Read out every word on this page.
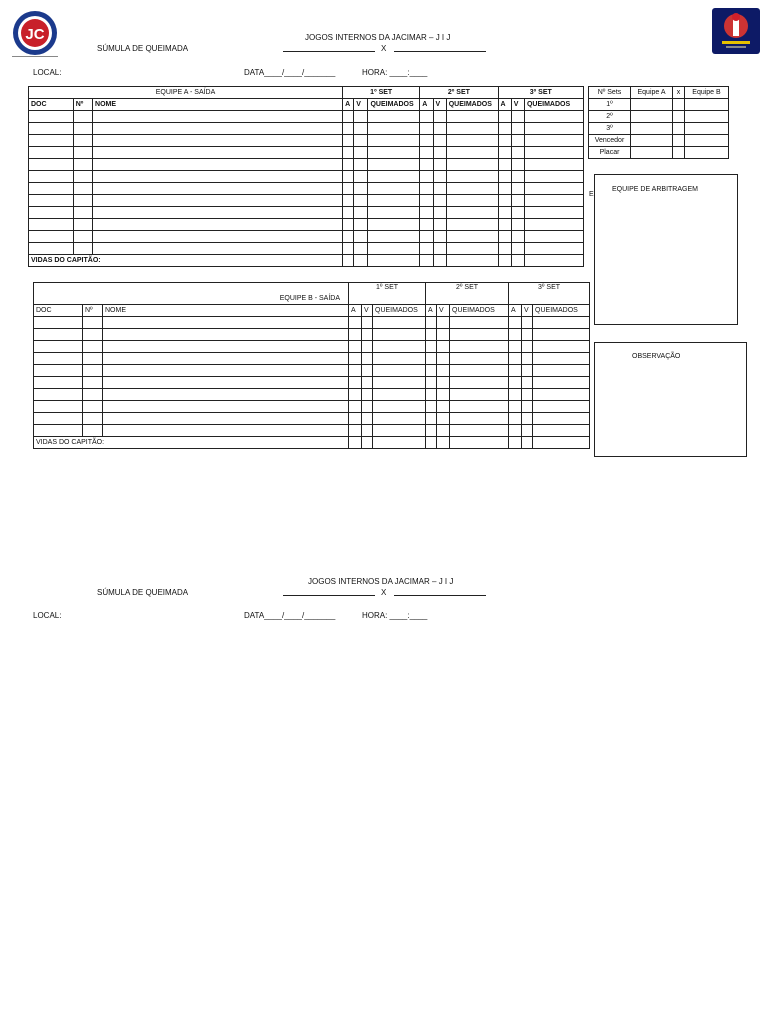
JC	JOGOS INTERNOS DA JACIMAR – J I J
X
SÚMULA DE QUEIMADA
LOCAL:	DATA____/____/_______	HORA: ____:____
EQUIPE A - SAÍDA			1º SET			2º SET			3º SET		
DOC	Nº	NOME	A	V	QUEIMADOS	A	V	QUEIMADOS	A	V	QUEIMADOS

VIDAS DO CAPITÃO:											
E
Nº Sets	Equipe A	x	Equipe B
1º			
2º			
3º			
Vencedor			
Placar			
EQUIPE DE ARBITRAGEM
EQUIPE B - SAÍDA			1º SET			2º SET			3º SET		
DOC	Nº	NOME	A	V	QUEIMADOS	A	V	QUEIMADOS	A	V	QUEIMADOS

VIDAS DO CAPITÃO:											
OBSERVAÇÃO
JOGOS INTERNOS DA JACIMAR – J I J
X
SÚMULA DE QUEIMADA
LOCAL:	DATA____/____/_______	HORA: ____:____
